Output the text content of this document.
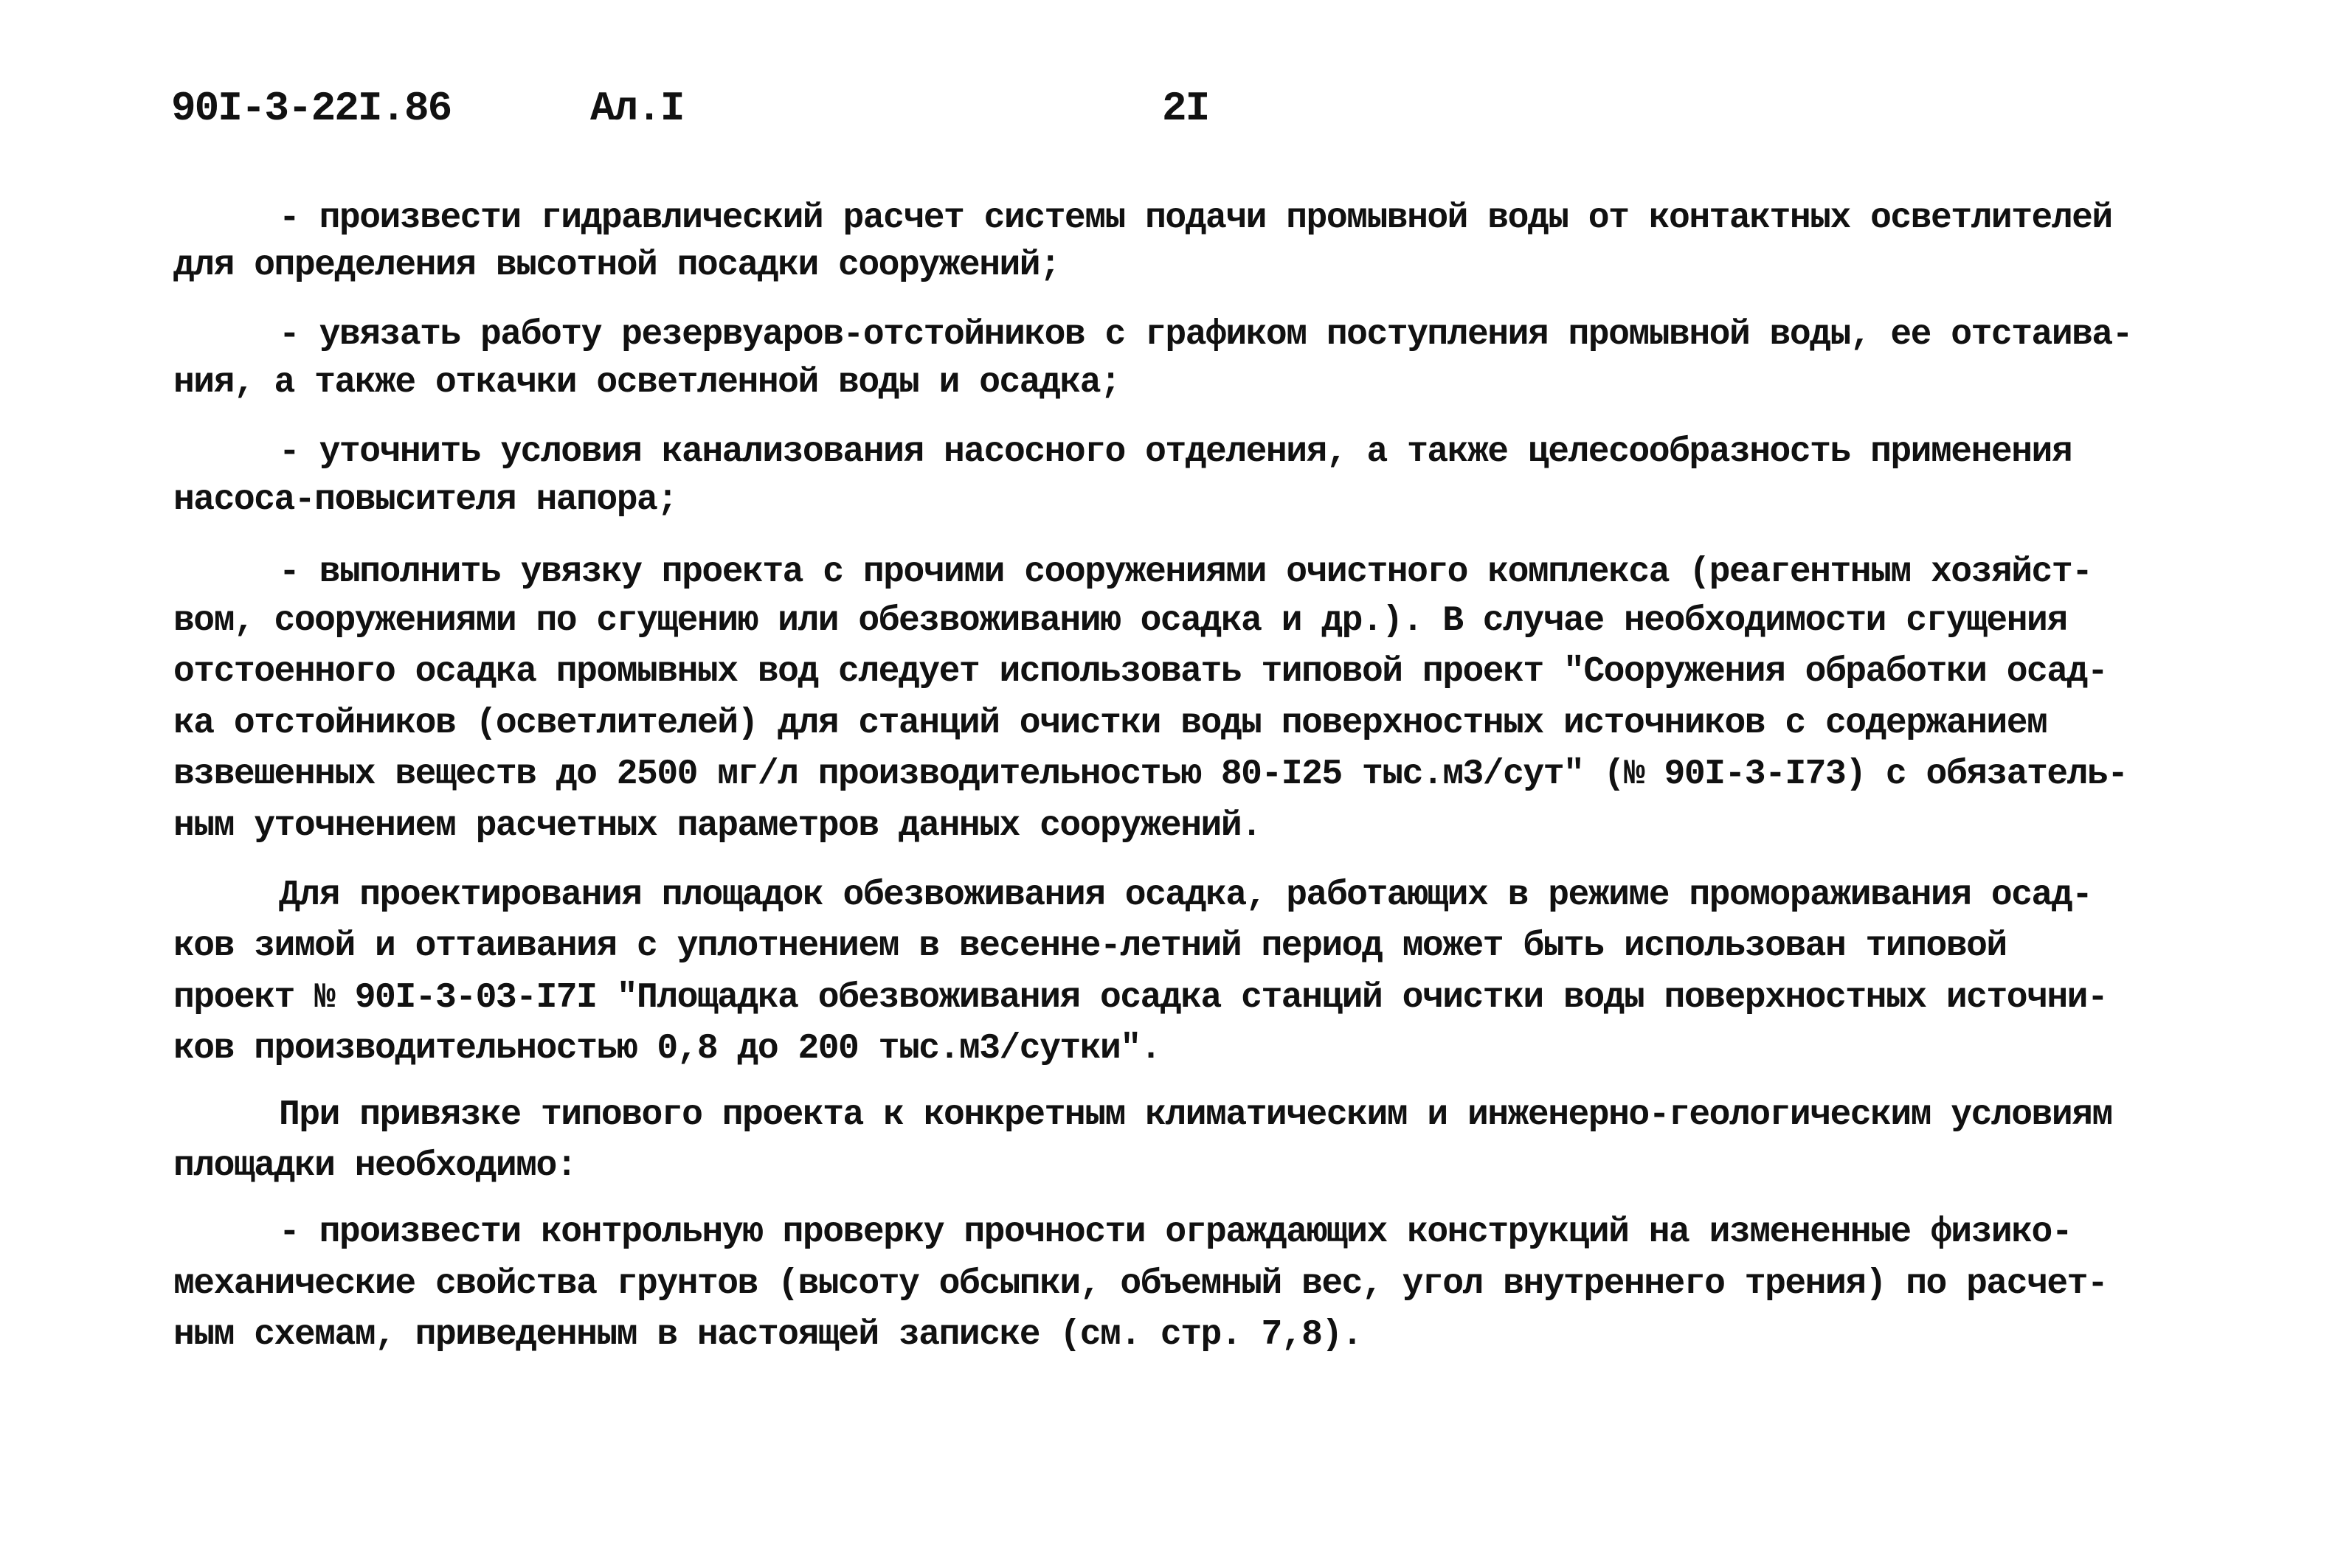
90I-3-22I.86	Ал.I	2I
- произвести гидравлический расчет системы подачи промывной воды от контактных осветлителей
для определения высотной посадки сооружений;
- увязать работу резервуаров-отстойников с графиком поступления промывной воды, ее отстаива-
ния, а также откачки осветленной воды и осадка;
- уточнить условия канализования насосного отделения, а также целесообразность применения
насоса-повысителя напора;
- выполнить увязку проекта с прочими сооружениями очистного комплекса (реагентным хозяйст-
вом, сооружениями по сгущению или обезвоживанию осадка и др.). В случае необходимости сгущения
отстоенного осадка промывных вод следует использовать типовой проект "Сооружения обработки осад-
ка отстойников (осветлителей) для станций очистки воды поверхностных источников с содержанием
взвешенных веществ до 2500 мг/л производительностью 80-I25 тыс.м3/сут" (№ 90I-3-I73) с обязатель-
ным уточнением расчетных параметров данных сооружений.
Для проектирования площадок обезвоживания осадка, работающих в режиме промораживания осад-
ков зимой и оттаивания с уплотнением в весенне-летний период может быть использован типовой
проект № 90I-3-03-I7I "Площадка обезвоживания осадка станций очистки воды поверхностных источни-
ков производительностью 0,8 до 200 тыс.м3/сутки".
При привязке типового проекта к конкретным климатическим и инженерно-геологическим условиям
площадки необходимо:
- произвести контрольную проверку прочности ограждающих конструкций на измененные физико-
механические свойства грунтов (высоту обсыпки, объемный вес, угол внутреннего трения) по расчет-
ным схемам, приведенным в настоящей записке (см. стр. 7,8).
